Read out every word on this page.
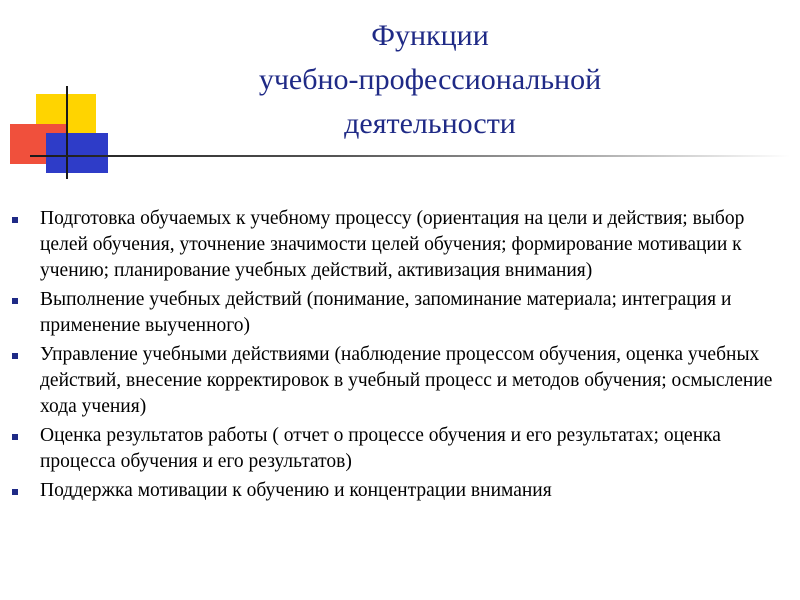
Функции
учебно-профессиональной
деятельности
Подготовка обучаемых к учебному процессу (ориентация на цели и действия; выбор целей обучения, уточнение значимости целей обучения; формирование мотивации к учению; планирование учебных действий, активизация внимания)
Выполнение учебных действий (понимание, запоминание материала; интеграция и применение выученного)
Управление учебными действиями (наблюдение процессом обучения, оценка учебных действий, внесение корректировок в учебный процесс и методов обучения; осмысление хода учения)
Оценка результатов работы ( отчет о процессе обучения и его результатах; оценка процесса обучения и его результатов)
Поддержка мотивации к обучению и концентрации внимания
